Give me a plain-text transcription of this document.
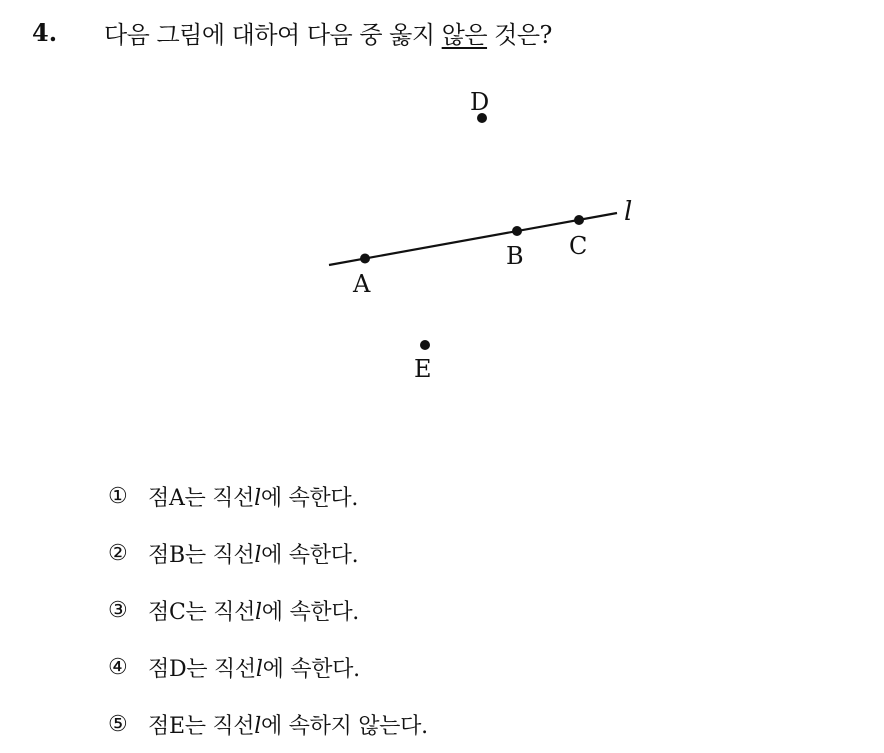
4.	다음 그림에 대하여 다음 중 옳지 않은 것은?
l
A
B C
D
E
① 점A는 직선l에 속한다.
② 점B는 직선l에 속한다.
③ 점C는 직선l에 속한다.
④ 점D는 직선l에 속한다.
⑤ 점E는 직선l에 속하지 않는다.
